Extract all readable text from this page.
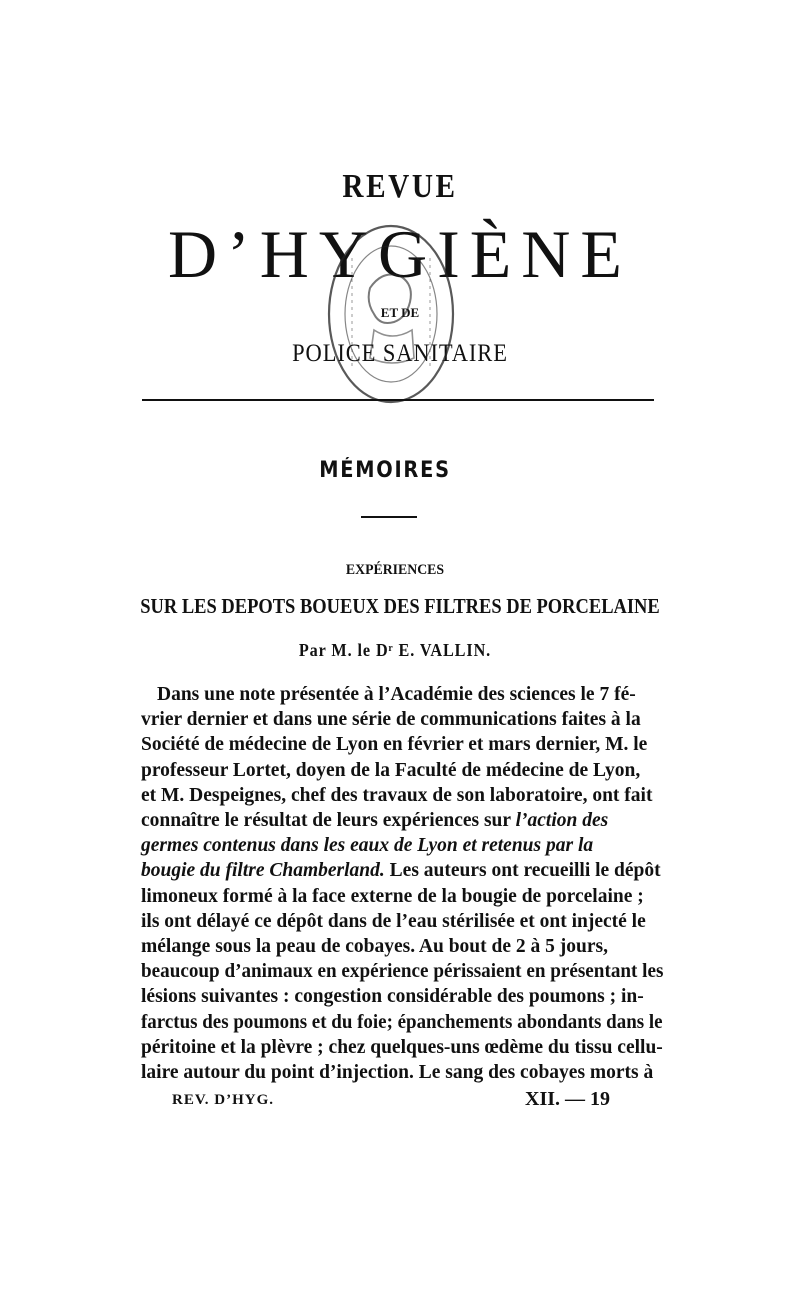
REVUE
D’HYGIÈNE
ET DE
POLICE SANITAIRE
MÉMOIRES
EXPÉRIENCES
SUR LES DEPOTS BOUEUX DES FILTRES DE PORCELAINE
Par M. le Dʳ E. VALLIN.
Dans une note présentée à l’Académie des sciences le 7 fé-
vrier dernier et dans une série de communications faites à la
Société de médecine de Lyon en février et mars dernier, M. le
professeur Lortet, doyen de la Faculté de médecine de Lyon,
et M. Despeignes, chef des travaux de son laboratoire, ont fait
connaître le résultat de leurs expériences sur l’action des
germes contenus dans les eaux de Lyon et retenus par la
bougie du filtre Chamberland. Les auteurs ont recueilli le dépôt
limoneux formé à la face externe de la bougie de porcelaine ;
ils ont délayé ce dépôt dans de l’eau stérilisée et ont injecté le
mélange sous la peau de cobayes. Au bout de 2 à 5 jours,
beaucoup d’animaux en expérience périssaient en présentant les
lésions suivantes : congestion considérable des poumons ; in-
farctus des poumons et du foie; épanchements abondants dans le
péritoine et la plèvre ; chez quelques-uns œdème du tissu cellu-
laire autour du point d’injection. Le sang des cobayes morts à
REV. D’HYG.	XII. — 19
